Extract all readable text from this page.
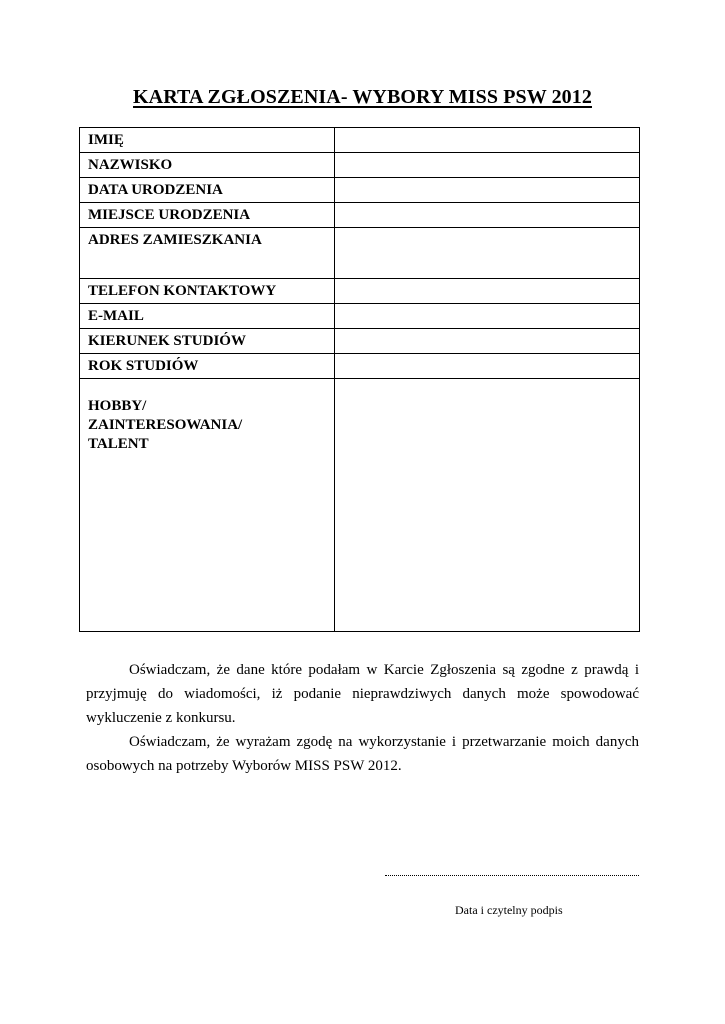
KARTA ZGŁOSZENIA- WYBORY MISS PSW 2012
IMIĘ	
NAZWISKO	
DATA URODZENIA	
MIEJSCE URODZENIA	
ADRES ZAMIESZKANIA	
TELEFON KONTAKTOWY	
E-MAIL	
KIERUNEK STUDIÓW	
ROK STUDIÓW	

HOBBY/
ZAINTERESOWANIA/
TALENT	

Oświadczam, że dane które podałam w Karcie Zgłoszenia są zgodne z prawdą i przyjmuję do wiadomości, iż podanie nieprawdziwych danych może spowodować wykluczenie z konkursu.

Oświadczam, że wyrażam zgodę na wykorzystanie i przetwarzanie moich danych osobowych na potrzeby Wyborów MISS PSW 2012.

Data i czytelny podpis
